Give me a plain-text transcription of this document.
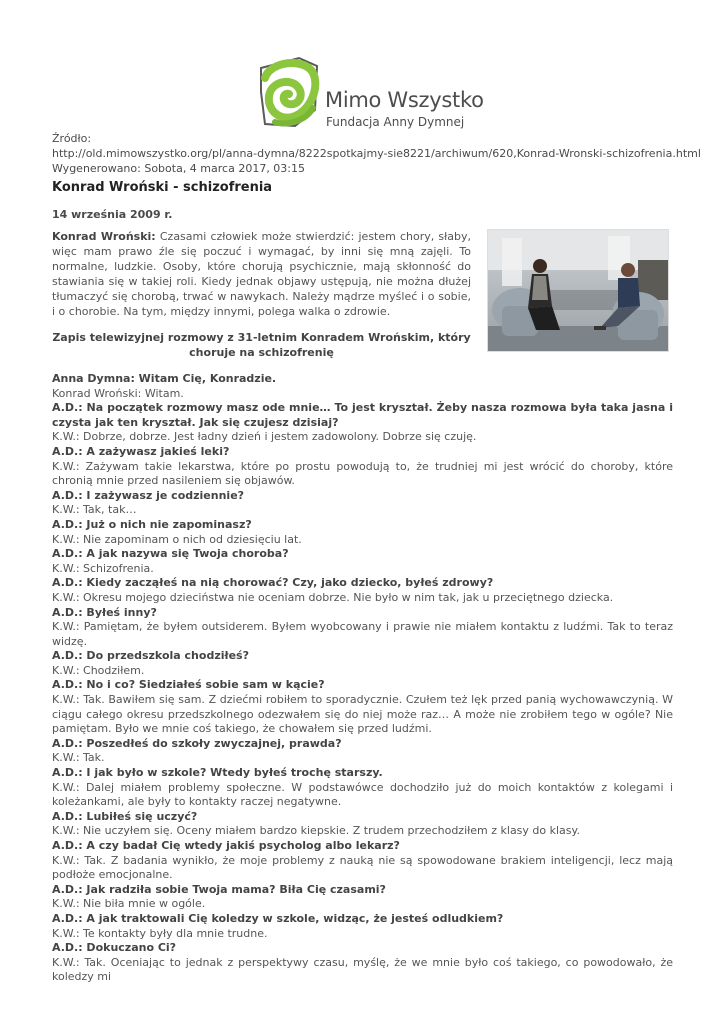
Mimo Wszystko
Fundacja Anny Dymnej
Źródło:
http://old.mimowszystko.org/pl/anna-dymna/8222spotkajmy-sie8221/archiwum/620,Konrad-Wronski-schizofrenia.html
Wygenerowano: Sobota, 4 marca 2017, 03:15
Konrad Wroński - schizofrenia
14 września 2009 r.
Konrad Wroński: Czasami człowiek może stwierdzić: jestem chory, słaby, więc mam prawo źle się poczuć i wymagać, by inni się mną zajęli. To normalne, ludzkie. Osoby, które chorują psychicznie, mają skłonność do stawiania się w takiej roli. Kiedy jednak objawy ustępują, nie można dłużej tłumaczyć się chorobą, trwać w nawykach. Należy mądrze myśleć i o sobie, i o chorobie. Na tym, między innymi, polega walka o zdrowie.
Zapis telewizyjnej rozmowy z 31-letnim Konradem Wrońskim, który choruje na schizofrenię

Anna Dymna: Witam Cię, Konradzie.

Konrad Wroński: Witam.

A.D.: Na początek rozmowy masz ode mnie… To jest kryształ. Żeby nasza rozmowa była taka jasna i czysta jak ten kryształ. Jak się czujesz dzisiaj?

K.W.: Dobrze, dobrze. Jest ładny dzień i jestem zadowolony. Dobrze się czuję.

A.D.: A zażywasz jakieś leki?

K.W.: Zażywam takie lekarstwa, które po prostu powodują to, że trudniej mi jest wrócić do choroby, które chronią mnie przed nasileniem się objawów.

A.D.: I zażywasz je codziennie?

K.W.: Tak, tak…

A.D.: Już o nich nie zapominasz?

K.W.: Nie zapominam o nich od dziesięciu lat.

A.D.: A jak nazywa się Twoja choroba?

K.W.: Schizofrenia.

A.D.: Kiedy zacząłeś na nią chorować? Czy, jako dziecko, byłeś zdrowy?

K.W.: Okresu mojego dzieciństwa nie oceniam dobrze. Nie było w nim tak, jak u przeciętnego dziecka.

A.D.: Byłeś inny?

K.W.: Pamiętam, że byłem outsiderem. Byłem wyobcowany i prawie nie miałem kontaktu z ludźmi. Tak to teraz widzę.

A.D.: Do przedszkola chodziłeś?

K.W.: Chodziłem.

A.D.: No i co? Siedziałeś sobie sam w kącie?

K.W.: Tak. Bawiłem się sam. Z dziećmi robiłem to sporadycznie. Czułem też lęk przed panią wychowawczynią. W ciągu całego okresu przedszkolnego odezwałem się do niej może raz… A może nie zrobiłem tego w ogóle? Nie pamiętam. Było we mnie coś takiego, że chowałem się przed ludźmi.

A.D.: Poszedłeś do szkoły zwyczajnej, prawda?

K.W.: Tak.

A.D.: I jak było w szkole? Wtedy byłeś trochę starszy.

K.W.: Dalej miałem problemy społeczne. W podstawówce dochodziło już do moich kontaktów z kolegami i koleżankami, ale były to kontakty raczej negatywne.

A.D.: Lubiłeś się uczyć?

K.W.: Nie uczyłem się. Oceny miałem bardzo kiepskie. Z trudem przechodziłem z klasy do klasy.

A.D.: A czy badał Cię wtedy jakiś psycholog albo lekarz?

K.W.: Tak. Z badania wynikło, że moje problemy z nauką nie są spowodowane brakiem inteligencji, lecz mają podłoże emocjonalne.

A.D.: Jak radziła sobie Twoja mama? Biła Cię czasami?

K.W.: Nie biła mnie w ogóle.

A.D.: A jak traktowali Cię koledzy w szkole, widząc, że jesteś odludkiem?

K.W.: Te kontakty były dla mnie trudne.

A.D.: Dokuczano Ci?

K.W.: Tak. Oceniając to jednak z perspektywy czasu, myślę, że we mnie było coś takiego, co powodowało, że koledzy mi
